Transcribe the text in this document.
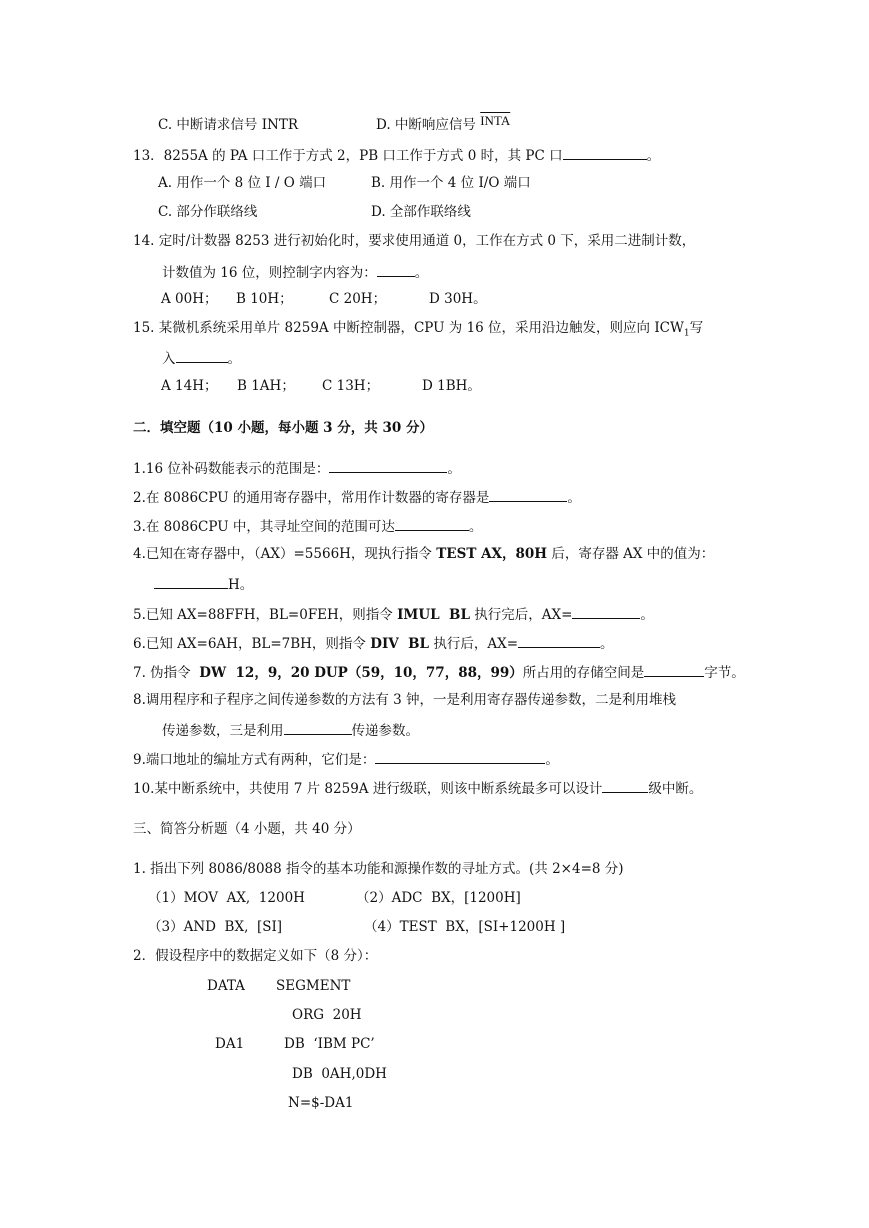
C. 中断请求信号 INTR	D. 中断响应信号 INTA
13．8255A 的 PA 口工作于方式 2，PB 口工作于方式 0 时，其 PC 口	。
A. 用作一个 8 位 I / O 端口	B. 用作一个 4 位 I/O 端口
C. 部分作联络线	D. 全部作联络线
14. 定时/计数器 8253 进行初始化时，要求使用通道 0，工作在方式 0 下，采用二进制计数，
计数值为 16 位，则控制字内容为：	。
A 00H； B 10H；	C 20H；	D 30H。
15. 某微机系统采用单片 8259A 中断控制器，CPU 为 16 位，采用沿边触发，则应向 $ICW_1$写
入	。
A 14H； B 1AH； C 13H；	D 1BH。
二．填空题（10 小题，每小题 3 分，共 30 分）
1.16 位补码数能表示的范围是：	。
2.在 8086CPU 的通用寄存器中，常用作计数器的寄存器是	。
3.在 8086CPU 中，其寻址空间的范围可达	。
4.已知在寄存器中，（AX）=5566H，现执行指令 TEST AX，80H 后，寄存器 AX 中的值为：
H。
5.已知 AX=88FFH，BL=0FEH，则指令 IMUL  BL 执行完后，AX=	。
6.已知 AX=6AH，BL=7BH，则指令 DIV  BL 执行后，AX=	。
7. 伪指令  DW  12，9，20 DUP（59，10，77，88，99）所占用的存储空间是	字节。
8.调用程序和子程序之间传递参数的方法有 3 钟，一是利用寄存器传递参数，二是利用堆栈
传递参数，三是利用	传递参数。
9.端口地址的编址方式有两种，它们是：	。
10.某中断系统中，共使用 7 片 8259A 进行级联，则该中断系统最多可以设计	级中断。
三、简答分析题（4 小题，共 40 分）
1. 指出下列 8086/8088 指令的基本功能和源操作数的寻址方式。(共 2×4=8 分)
（1）MOV  AX,  1200H	（2）ADC  BX，[1200H]
（3）AND  BX,  [SI]	（4）TEST  BX，[SI+1200H ]
2．假设程序中的数据定义如下（8 分）：
DATA SEGMENT
ORG  20H
DA1	DB  ‘IBM PC’
DB  0AH,0DH
N=$-DA1
